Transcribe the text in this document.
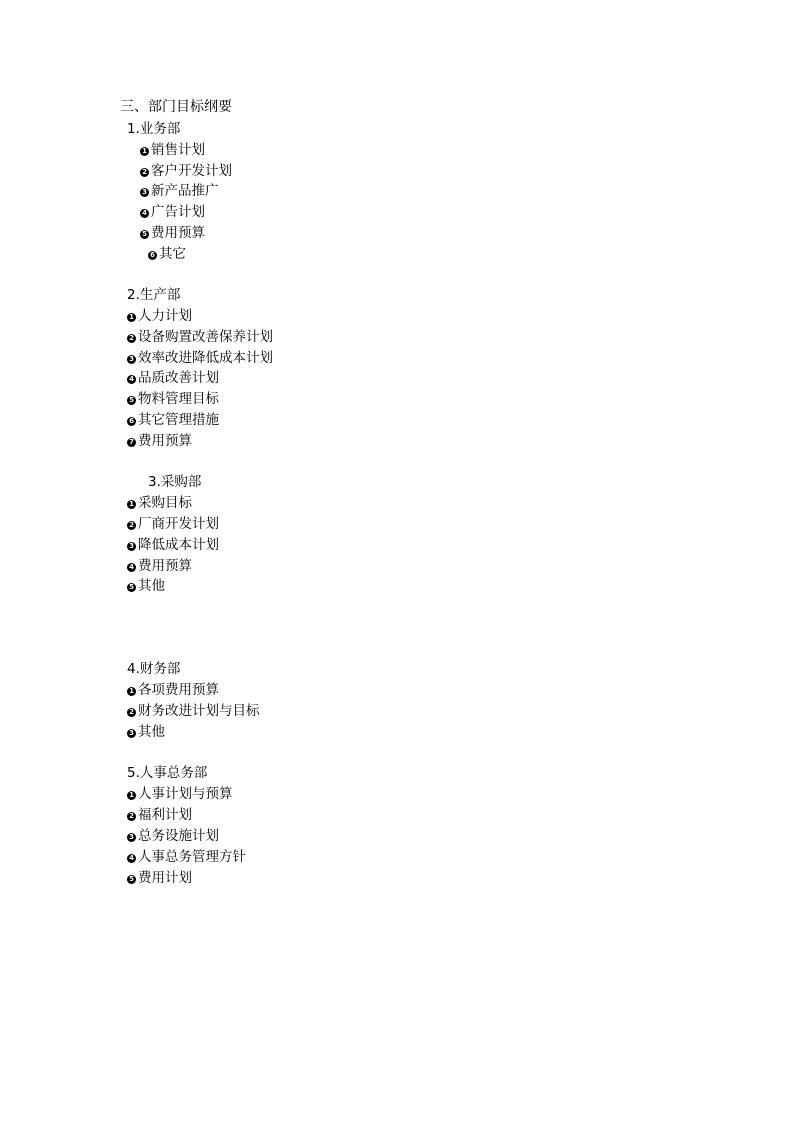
三、部门目标纲要
1.业务部
1 销售计划
2 客户开发计划
3 新产品推广
4 广告计划
5 费用预算
6 其它
2.生产部
1 人力计划
2 设备购置改善保养计划
3 效率改进降低成本计划
4 品质改善计划
5 物料管理目标
6 其它管理措施
7 费用预算
3.采购部
1 采购目标
2 厂商开发计划
3 降低成本计划
4 费用预算
5 其他
4.财务部
1 各项费用预算
2 财务改进计划与目标
3 其他
5.人事总务部
1 人事计划与预算
2 福利计划
3 总务设施计划
4 人事总务管理方针
5 费用计划
